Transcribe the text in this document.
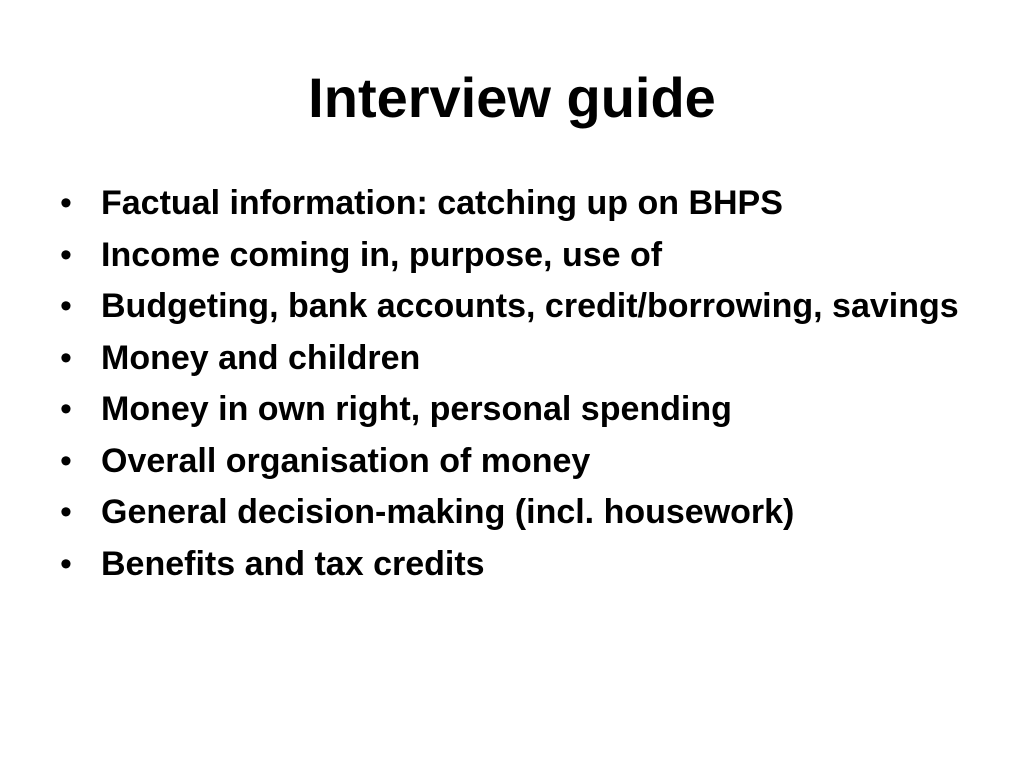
Interview guide
• Factual information: catching up on BHPS
• Income coming in, purpose, use of
• Budgeting, bank accounts, credit/borrowing, savings
• Money and children
• Money in own right, personal spending
• Overall organisation of money
• General decision-making (incl. housework)
• Benefits and tax credits
